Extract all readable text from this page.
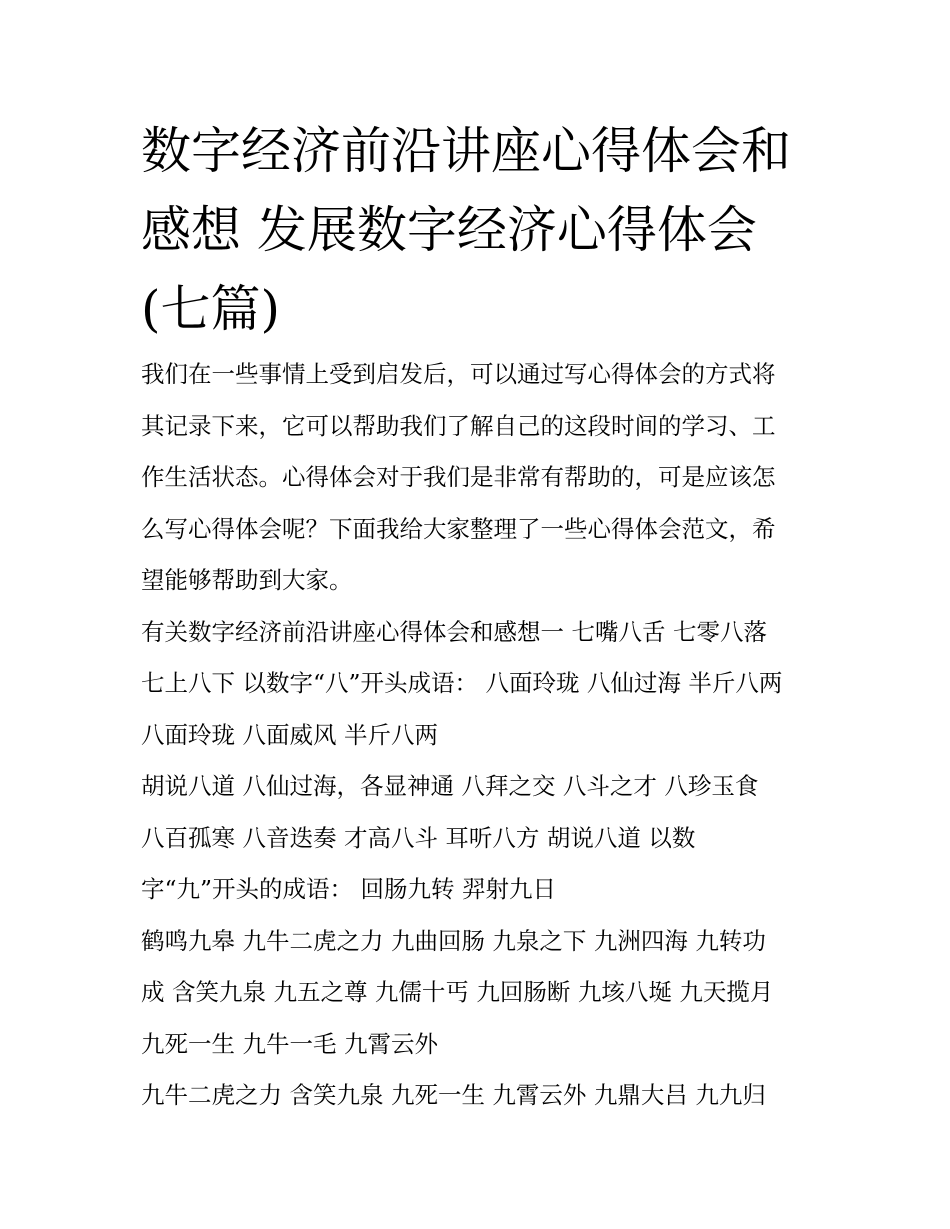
数字经济前沿讲座心得体会和
感想 发展数字经济心得体会
(七篇)

我们在一些事情上受到启发后，可以通过写心得体会的方式将
其记录下来，它可以帮助我们了解自己的这段时间的学习、工
作生活状态。心得体会对于我们是非常有帮助的，可是应该怎
么写心得体会呢？下面我给大家整理了一些心得体会范文，希
望能够帮助到大家。

有关数字经济前沿讲座心得体会和感想一 七嘴八舌 七零八落
七上八下 以数字“八”开头成语： 八面玲珑 八仙过海 半斤八两
八面玲珑 八面威风 半斤八两

胡说八道 八仙过海，各显神通 八拜之交 八斗之才 八珍玉食
八百孤寒 八音迭奏 才高八斗 耳听八方 胡说八道 以数
字“九”开头的成语： 回肠九转 羿射九日

鹤鸣九皋 九牛二虎之力 九曲回肠 九泉之下 九洲四海 九转功
成 含笑九泉 九五之尊 九儒十丐 九回肠断 九垓八埏 九天揽月
九死一生 九牛一毛 九霄云外

九牛二虎之力 含笑九泉 九死一生 九霄云外 九鼎大吕 九九归
